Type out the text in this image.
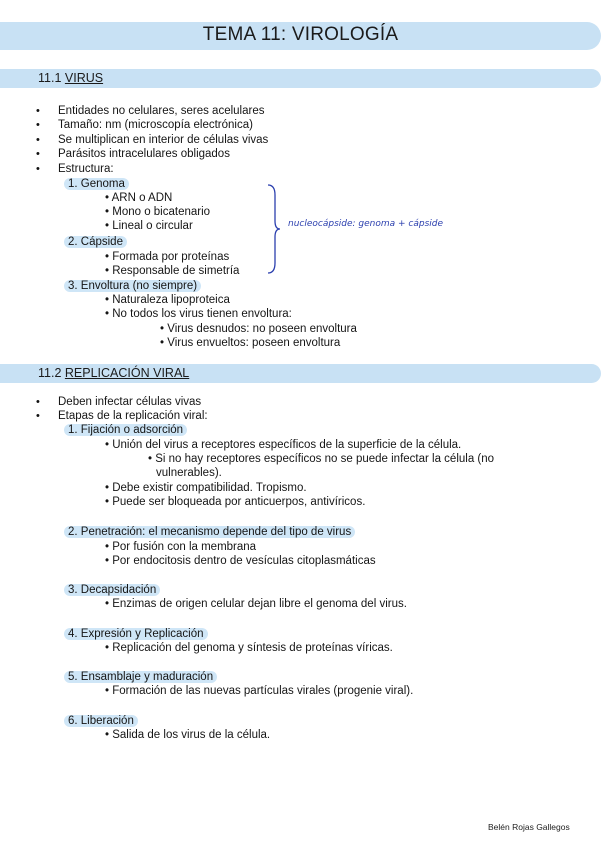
TEMA 11: VIROLOGÍA
11.1 VIRUS
• Entidades no celulares, seres acelulares
• Tamaño: nm (microscopía electrónica)
• Se multiplican en interior de células vivas
• Parásitos intracelulares obligados
• Estructura:
1. Genoma
• ARN o ADN
• Mono o bicatenario
• Lineal o circular
2. Cápside
• Formada por proteínas
• Responsable de simetría
3. Envoltura (no siempre)
• Naturaleza lipoproteica
• No todos los virus tienen envoltura:
• Virus desnudos: no poseen envoltura
• Virus envueltos: poseen envoltura
nucleocápside: genoma + cápside
11.2 REPLICACIÓN VIRAL
• Deben infectar células vivas
• Etapas de la replicación viral:
1. Fijación o adsorción
• Unión del virus a receptores específicos de la superficie de la célula.
• Si no hay receptores específicos no se puede infectar la célula (no
vulnerables).
• Debe existir compatibilidad. Tropismo.
• Puede ser bloqueada por anticuerpos, antivíricos.
2. Penetración: el mecanismo depende del tipo de virus
• Por fusión con la membrana
• Por endocitosis dentro de vesículas citoplasmáticas
3. Decapsidación
• Enzimas de origen celular dejan libre el genoma del virus.
4. Expresión y Replicación
• Replicación del genoma y síntesis de proteínas víricas.
5. Ensamblaje y maduración
• Formación de las nuevas partículas virales (progenie viral).
6. Liberación
• Salida de los virus de la célula.
Belén Rojas Gallegos
